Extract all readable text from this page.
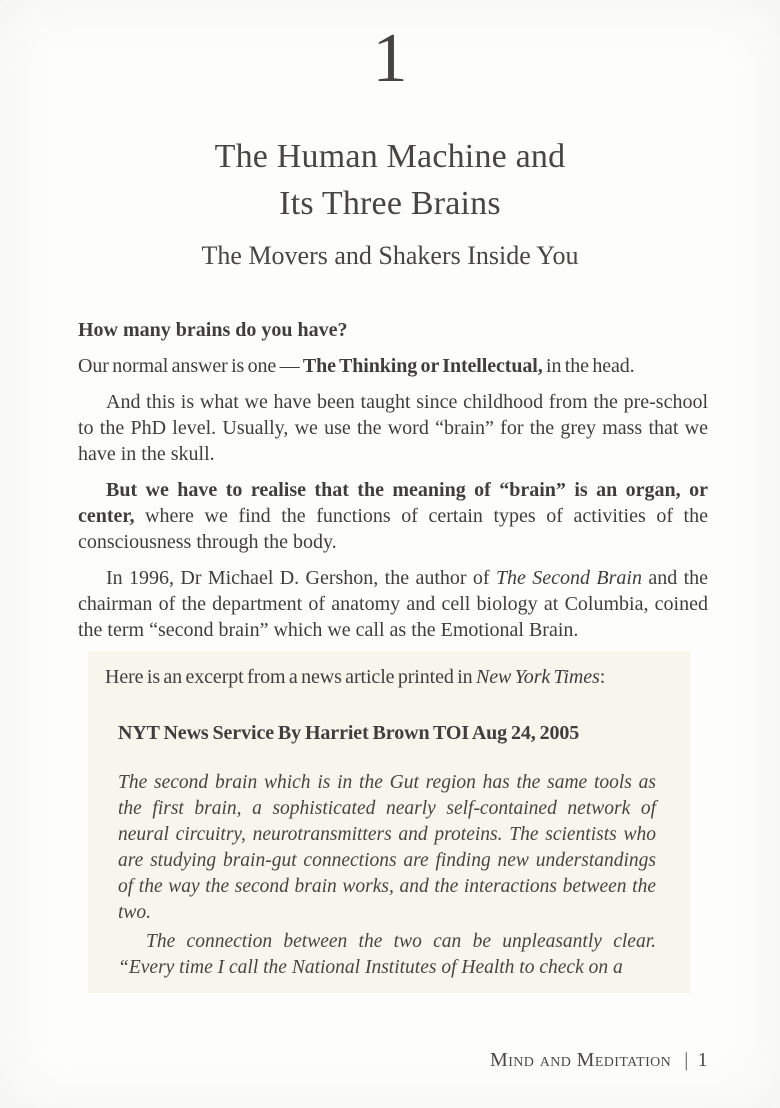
1
The Human Machine and
Its Three Brains
The Movers and Shakers Inside You

How many brains do you have?

Our normal answer is one — The Thinking or Intellectual, in the head.

And this is what we have been taught since childhood from the pre-school to the PhD level. Usually, we use the word “brain” for the grey mass that we have in the skull.

But we have to realise that the meaning of “brain” is an organ, or center, where we find the functions of certain types of activities of the consciousness through the body.

In 1996, Dr Michael D. Gershon, the author of The Second Brain and the chairman of the department of anatomy and cell biology at Columbia, coined the term “second brain” which we call as the Emotional Brain.

Here is an excerpt from a news article printed in New York Times:

NYT News Service By Harriet Brown TOI Aug 24, 2005

The second brain which is in the Gut region has the same tools as the first brain, a sophisticated nearly self-contained network of neural circuitry, neurotransmitters and proteins. The scientists who are studying brain-gut connections are finding new understandings of the way the second brain works, and the interactions between the two.

The connection between the two can be unpleasantly clear. “Every time I call the National Institutes of Health to check on a

Mind and Meditation | 1
